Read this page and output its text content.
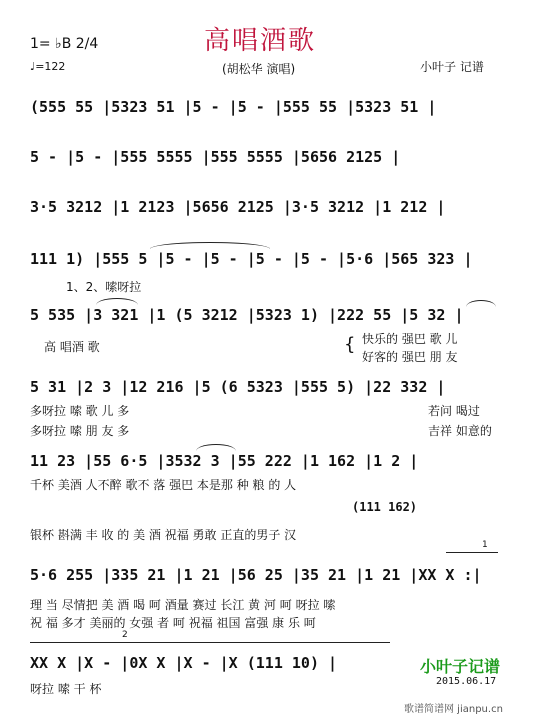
高唱酒歌
(胡松华 演唱)
1= ♭B 2/4
♩=122	小叶子 记谱
(555 55 |5323 51 |5 - |5 - |555 55 |5323 51 |
5 - |5 - |555 5555 |555 5555 |5656 2125 |
3·5 3212 |1 2123 |5656 2125 |3·5 3212 |1 212 |
111 1) |555 5 |5 - |5 - |5 - |5 - |5·6 |565 323 |
1、2、嗦呀拉
5 535 |3 321 |1 (5 3212 |5323 1) |222 55 |5 32 |
高 唱酒 歌	{ 快乐的 强巴 歌 儿
好客的 强巴 朋 友
5 31 |2 3 |12 216 |5 (6 5323 |555 5) |22 332 |
多呀拉 嗦 歌 儿 多	若问 喝过
多呀拉 嗦 朋 友 多	吉祥 如意的
11 23 |55 6·5 |3532 3 |55 222 |1 162 |1 2 |
千杯 美酒 人不醉 歌不 落 强巴 本是那 种 粮 的 人
(111 162)
银杯 斟满 丰 收 的 美 酒 祝福 勇敢 正直的男子 汉
1
5·6 255 |335 21 |1 21 |56 25 |35 21 |1 21 |XX X :|
理 当 尽情把 美 酒 喝 呵 酒量 赛过 长江 黄 河 呵 呀拉 嗦
祝 福 多才 美丽的 女强 者 呵 祝福 祖国 富强 康 乐 呵
2
XX X |X - |0X X |X - |X (111 10) |
呀拉 嗦 干 杯
小叶子记谱
2015.06.17
歌谱简谱网 jianpu.cn
